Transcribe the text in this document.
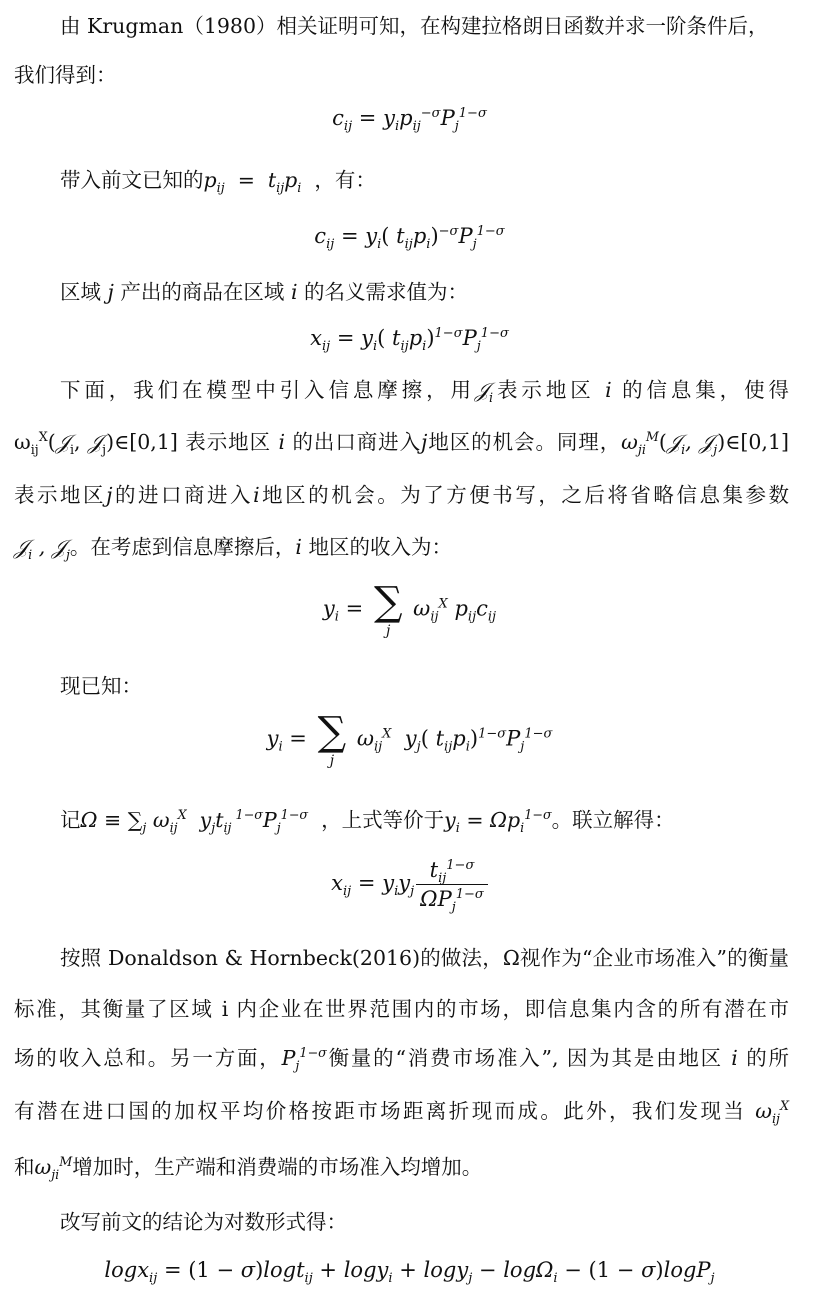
由 Krugman（1980）相关证明可知，在构建拉格朗日函数并求一阶条件后，
我们得到：
$c_{ij} = y_ip_{ij}^{-\sigma}P_j^{1-\sigma}$
带入前文已知的$p_{ij} = t_{ij}p_i$ ，有：
$c_{ij} = y_i$( $t_{ij}p_i)^{-\sigma}P_j^{1-\sigma}$
区域 j 产出的商品在区域 i 的名义需求值为：
$x_{ij} = y_i$( $t_{ij}p_i)^{1-\sigma}P_j^{1-\sigma}$
下面，我们在模型中引入信息摩擦，用𝒥$_i$表示地区 i 的信息集，使得
$\omega_{ij}^X(𝒥_i$, 𝒥$_j$)∈[0,1] 表示地区 i 的出口商进入j地区的机会。同理，$\omega_{ji}^M(𝒥_i$, 𝒥$_j$)∈[0,1]
表示地区j的进口商进入i地区的机会。为了方便书写，之后将省略信息集参数
𝒥$_i$ , 𝒥$_j$。在考虑到信息摩擦后，i 地区的收入为：
$y_i$ = ∑
j
$\omega_{ij}^X$ $p_{ij}c_{ij}$
现已知：
$y_i$ = ∑
j
$\omega_{ij}^X$  $y_j$( $t_{ij}p_i)^{1-\sigma}P_j^{1-\sigma}$
记$\Omega \equiv \sum_j$ $\omega_{ij}^X$  $y_jt_{ij}$ $^{1-\sigma}P_j^{1-\sigma}$ ，上式等价于$y_i = \Omega p_i^{1-\sigma}$。联立解得：
$x_{ij} = y_iy_j \frac{t_{ij}^{1-\sigma}}{\Omega P_j^{1-\sigma}}$
按照 Donaldson & Hornbeck(2016)的做法，Ω视作为“企业市场准入”的衡量
标准，其衡量了区域 i 内企业在世界范围内的市场，即信息集内含的所有潜在市
场的收入总和。另一方面，$P_j^{1-\sigma}$衡量的“消费市场准入”, 因为其是由地区 i 的所
有潜在进口国的加权平均价格按距市场距离折现而成。此外，我们发现当 $\omega_{ij}^X$
和$\omega_{ji}^M$增加时，生产端和消费端的市场准入均增加。
改写前文的结论为对数形式得：
logx$_{ij}$ = (1 − σ)logt$_{ij}$ + logy$_i$ + logy$_j$ − logΩ$_i$ − (1 − σ)logP$_j$
